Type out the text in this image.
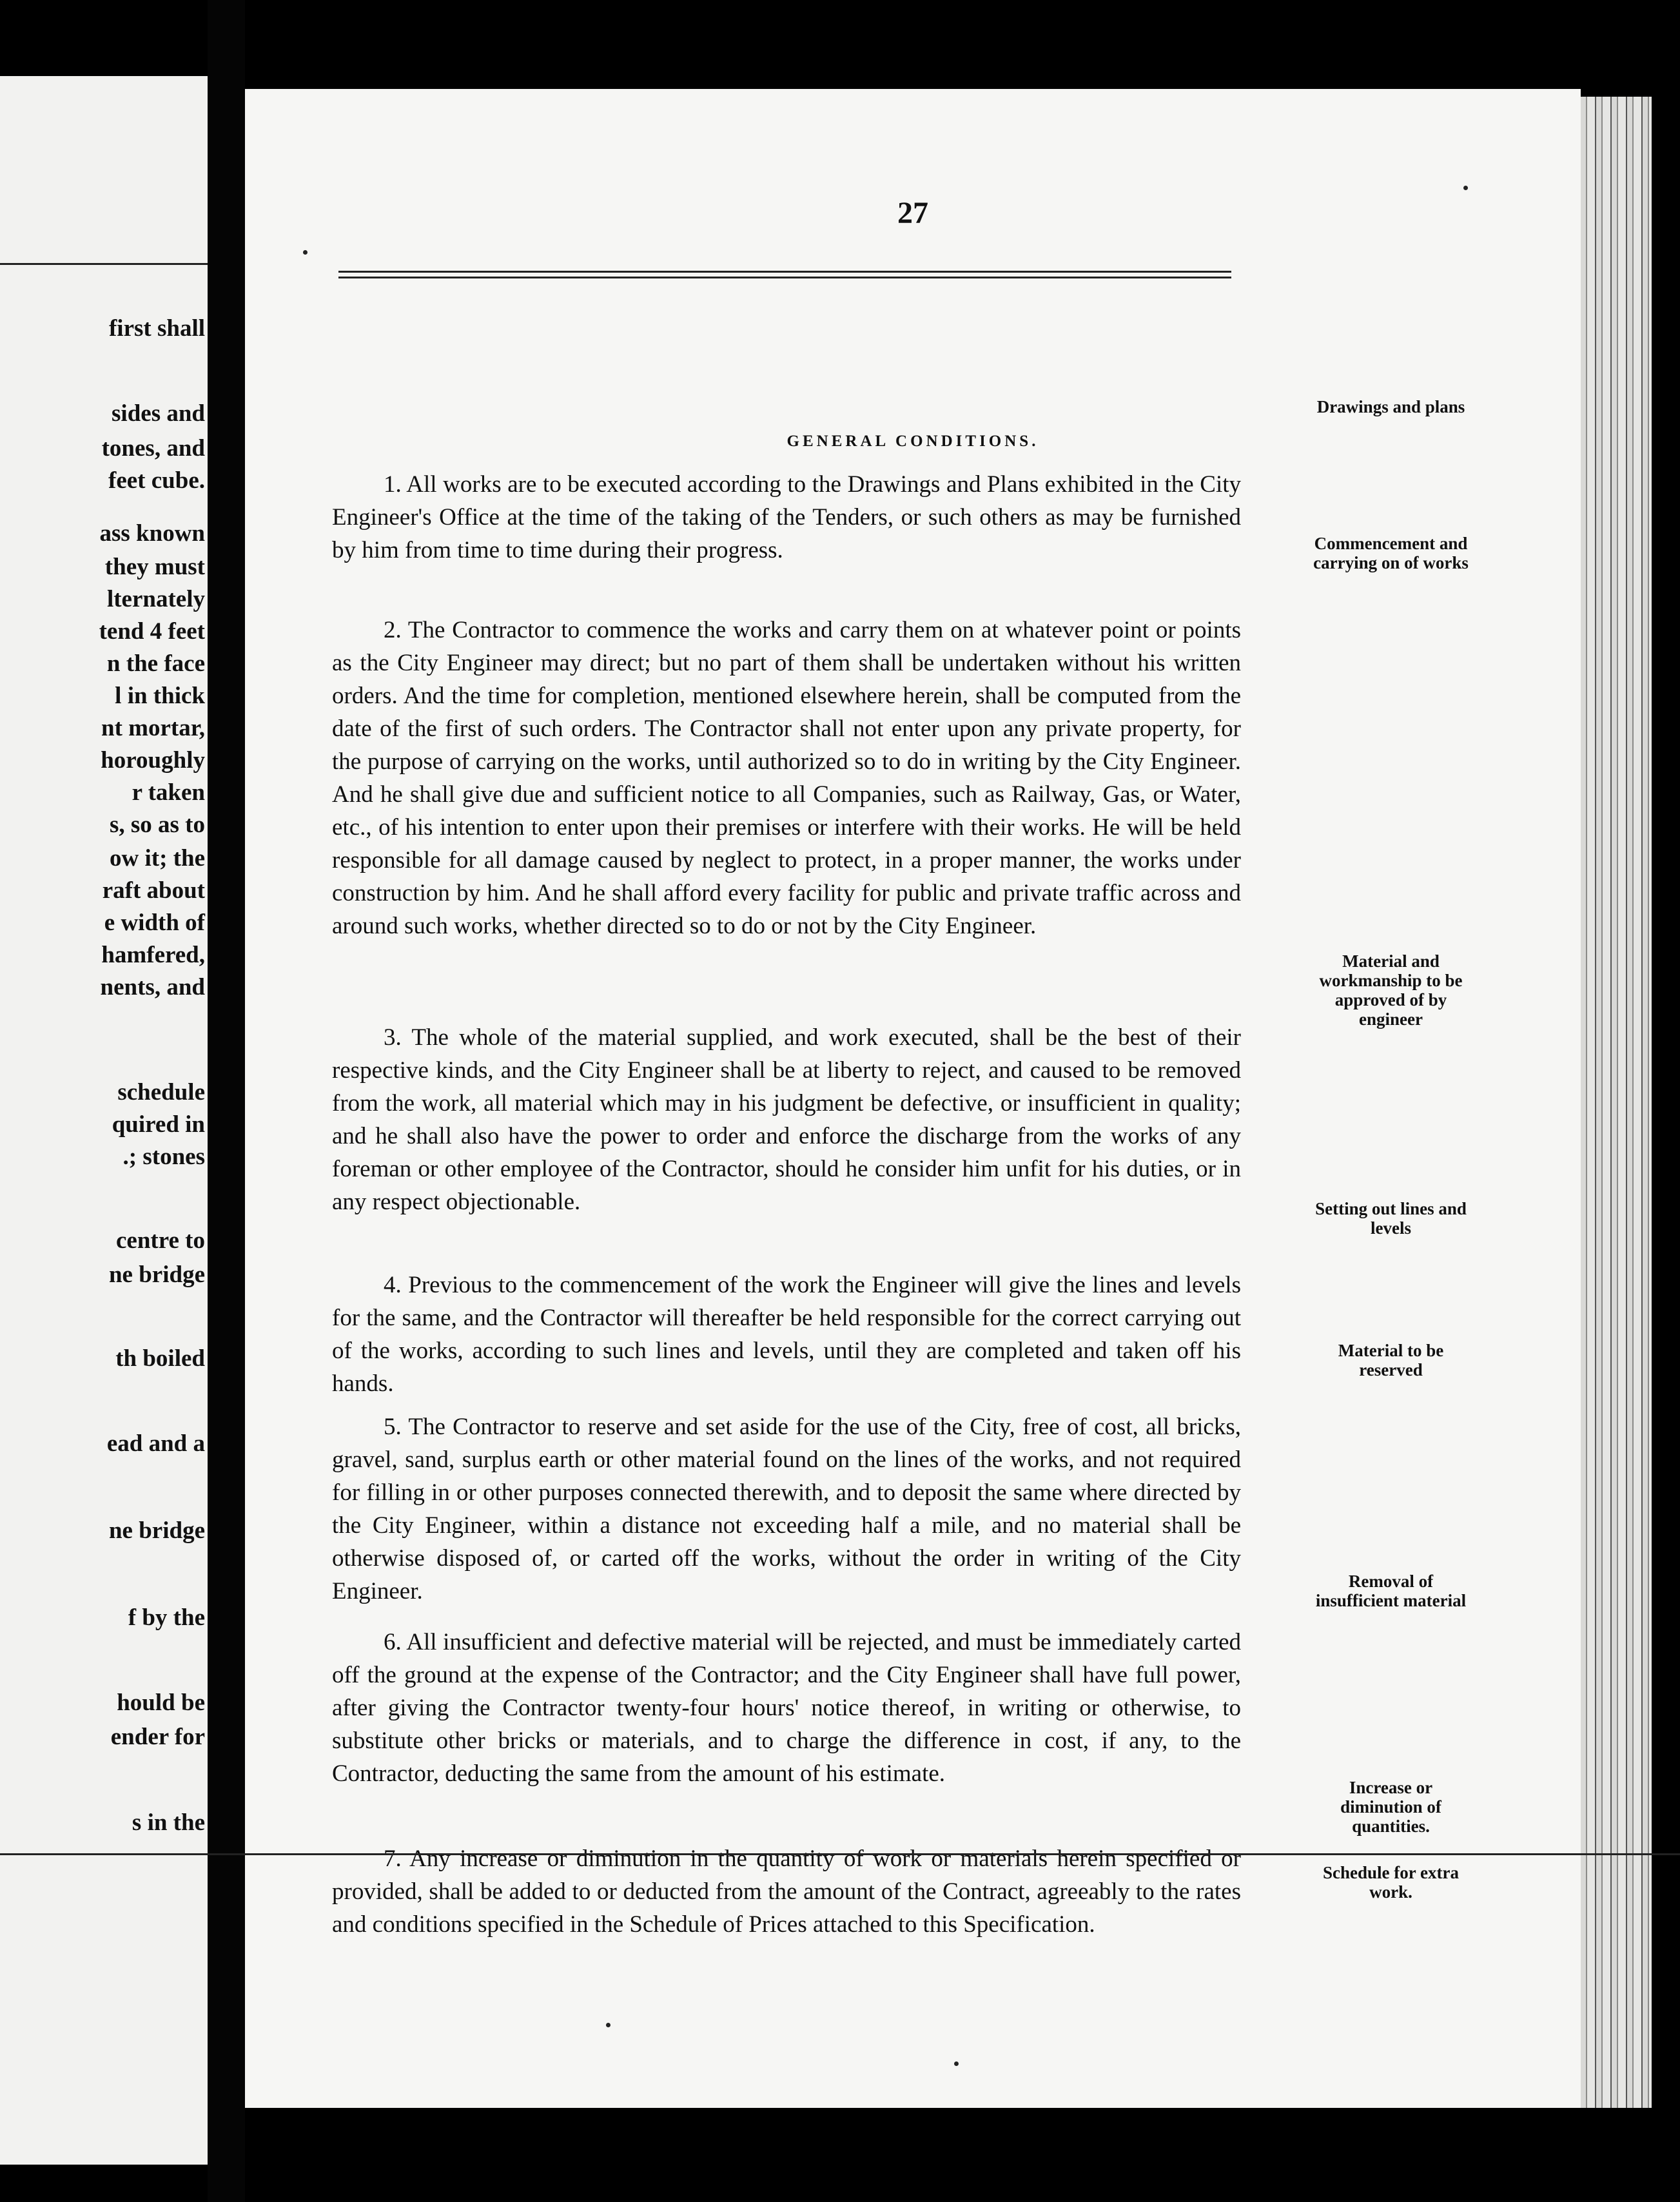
first shall
sides and
tones, and
feet cube.
ass known
they must
lternately
tend 4 feet
n the face
l in thick
nt mortar,
horoughly
r taken
s, so as to
ow it; the
raft about
e width of
hamfered,
nents, and
schedule
quired in
.; stones
centre to
ne bridge
th boiled
ead and a
ne bridge
f by the
hould be
ender for
s in the
27
GENERAL CONDITIONS.
1. All works are to be executed according to the Drawings and Plans exhibited in the City Engineer's Office at the time of the taking of the Tenders, or such others as may be furnished by him from time to time during their progress.
Drawings and plans
2. The Contractor to commence the works and carry them on at whatever point or points as the City Engineer may direct; but no part of them shall be undertaken without his written orders. And the time for completion, mentioned elsewhere herein, shall be computed from the date of the first of such orders. The Contractor shall not enter upon any private property, for the purpose of carrying on the works, until authorized so to do in writing by the City Engineer. And he shall give due and sufficient notice to all Companies, such as Railway, Gas, or Water, etc., of his intention to enter upon their premises or interfere with their works. He will be held responsible for all damage caused by neglect to protect, in a proper manner, the works under construction by him. And he shall afford every facility for public and private traffic across and around such works, whether directed so to do or not by the City Engineer.
Commencement and carrying on of works
3. The whole of the material supplied, and work executed, shall be the best of their respective kinds, and the City Engineer shall be at liberty to reject, and caused to be removed from the work, all material which may in his judgment be defective, or insufficient in quality; and he shall also have the power to order and enforce the discharge from the works of any foreman or other employee of the Contractor, should he consider him unfit for his duties, or in any respect objectionable.
Material and workmanship to be approved of by engineer
4. Previous to the commencement of the work the Engineer will give the lines and levels for the same, and the Contractor will thereafter be held responsible for the correct carrying out of the works, according to such lines and levels, until they are completed and taken off his hands.
Setting out lines and levels
5. The Contractor to reserve and set aside for the use of the City, free of cost, all bricks, gravel, sand, surplus earth or other material found on the lines of the works, and not required for filling in or other purposes connected therewith, and to deposit the same where directed by the City Engineer, within a distance not exceeding half a mile, and no material shall be otherwise disposed of, or carted off the works, without the order in writing of the City Engineer.
Material to be reserved
6. All insufficient and defective material will be rejected, and must be immediately carted off the ground at the expense of the Contractor; and the City Engineer shall have full power, after giving the Contractor twenty-four hours' notice thereof, in writing or otherwise, to substitute other bricks or materials, and to charge the difference in cost, if any, to the Contractor, deducting the same from the amount of his estimate.
Removal of insufficient material
7. Any increase or diminution in the quantity of work or materials herein specified or provided, shall be added to or deducted from the amount of the Contract, agreeably to the rates and conditions specified in the Schedule of Prices attached to this Specification.
Increase or diminution of quantities.
Schedule for extra work.
